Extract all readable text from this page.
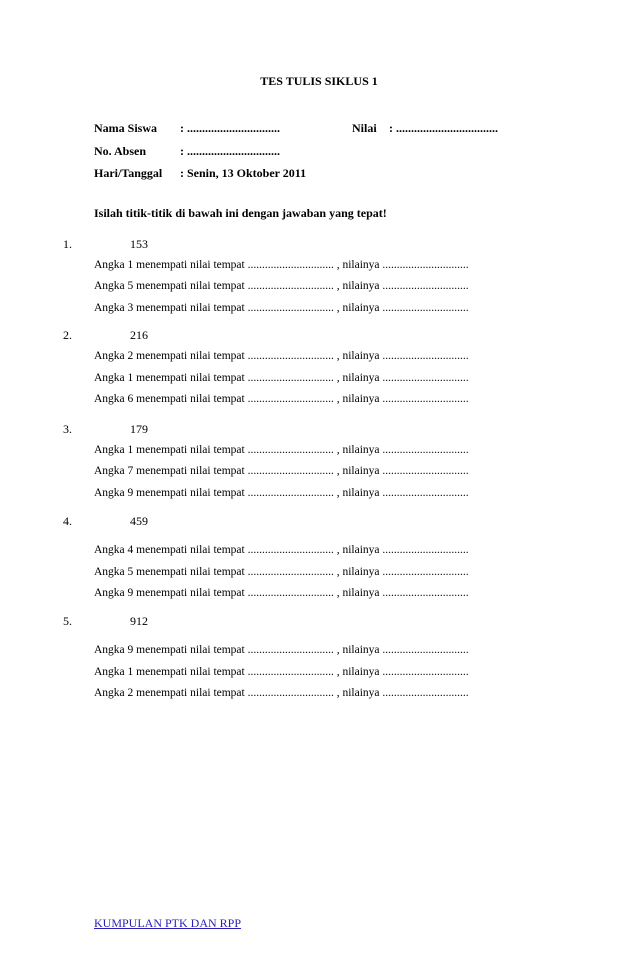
TES TULIS SIKLUS 1
Nama Siswa : ...............................	Nilai : ..................................
No. Absen	: ...............................
Hari/Tanggal : Senin, 13 Oktober 2011
Isilah titik-titik di bawah ini dengan jawaban yang tepat!
1.	153
Angka 1 menempati nilai tempat .............................. , nilainya ..............................
Angka 5 menempati nilai tempat .............................. , nilainya ..............................
Angka 3 menempati nilai tempat .............................. , nilainya ..............................
2.	216
Angka 2 menempati nilai tempat .............................. , nilainya ..............................
Angka 1 menempati nilai tempat .............................. , nilainya ..............................
Angka 6 menempati nilai tempat .............................. , nilainya ..............................
3.	179
Angka 1 menempati nilai tempat .............................. , nilainya ..............................
Angka 7 menempati nilai tempat .............................. , nilainya ..............................
Angka 9 menempati nilai tempat .............................. , nilainya ..............................
4.	459
Angka 4 menempati nilai tempat .............................. , nilainya ..............................
Angka 5 menempati nilai tempat .............................. , nilainya ..............................
Angka 9 menempati nilai tempat .............................. , nilainya ..............................
5.	912
Angka 9 menempati nilai tempat .............................. , nilainya ..............................
Angka 1 menempati nilai tempat .............................. , nilainya ..............................
Angka 2 menempati nilai tempat .............................. , nilainya ..............................
KUMPULAN PTK DAN RPP
